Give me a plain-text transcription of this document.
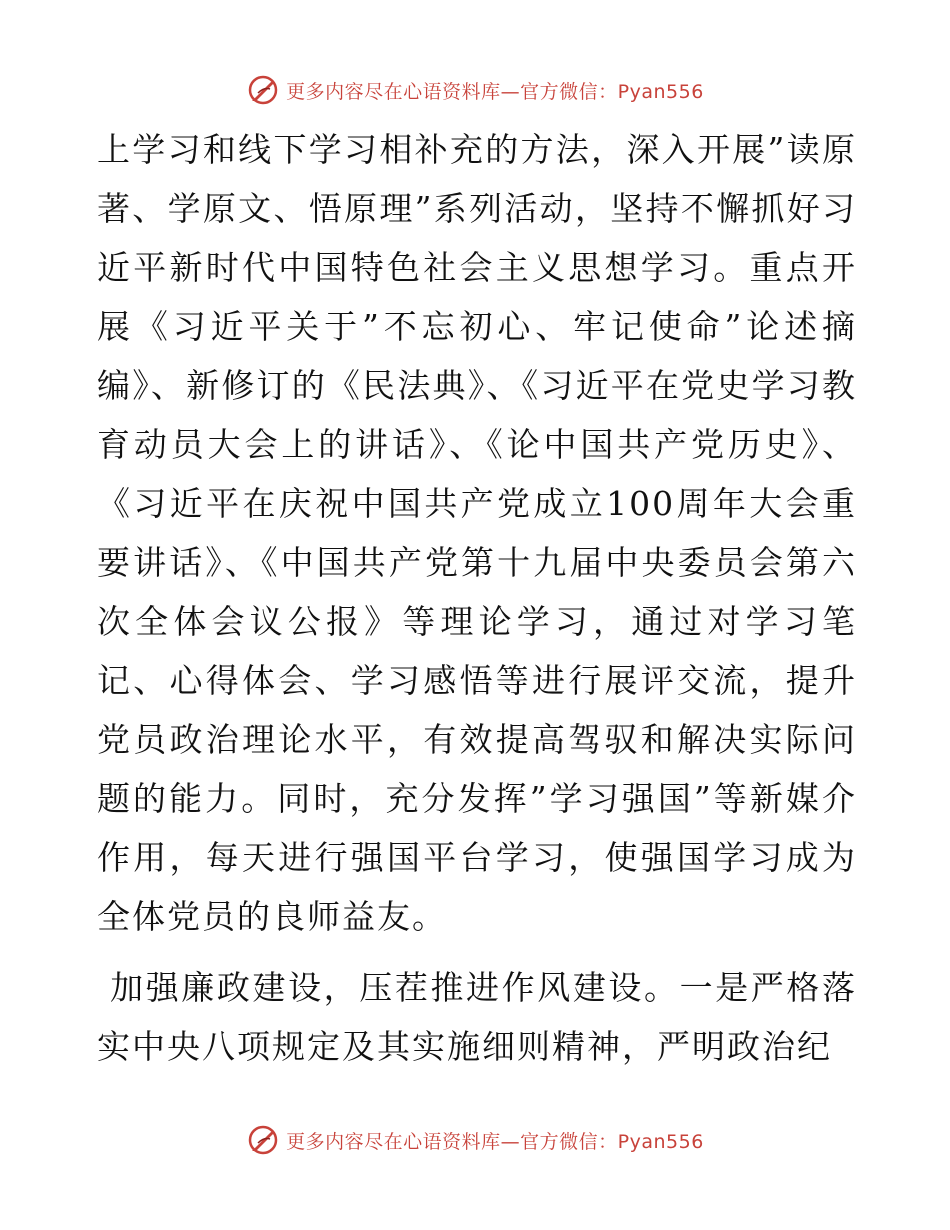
更多内容尽在心语资料库—官方微信：Pyan556

上学习和线下学习相补充的方法，深入开展”读原著、学原文、悟原理”系列活动，坚持不懈抓好习近平新时代中国特色社会主义思想学习。重点开展《习近平关于”不忘初心、牢记使命”论述摘编》、新修订的《民法典》、《习近平在党史学习教育动员大会上的讲话》、《论中国共产党历史》、《习近平在庆祝中国共产党成立100周年大会重要讲话》、《中国共产党第十九届中央委员会第六次全体会议公报》等理论学习，通过对学习笔记、心得体会、学习感悟等进行展评交流，提升党员政治理论水平，有效提高驾驭和解决实际问题的能力。同时，充分发挥”学习强国”等新媒介作用，每天进行强国平台学习，使强国学习成为全体党员的良师益友。

加强廉政建设，压茬推进作风建设。一是严格落实中央八项规定及其实施细则精神，严明政治纪

更多内容尽在心语资料库—官方微信：Pyan556
